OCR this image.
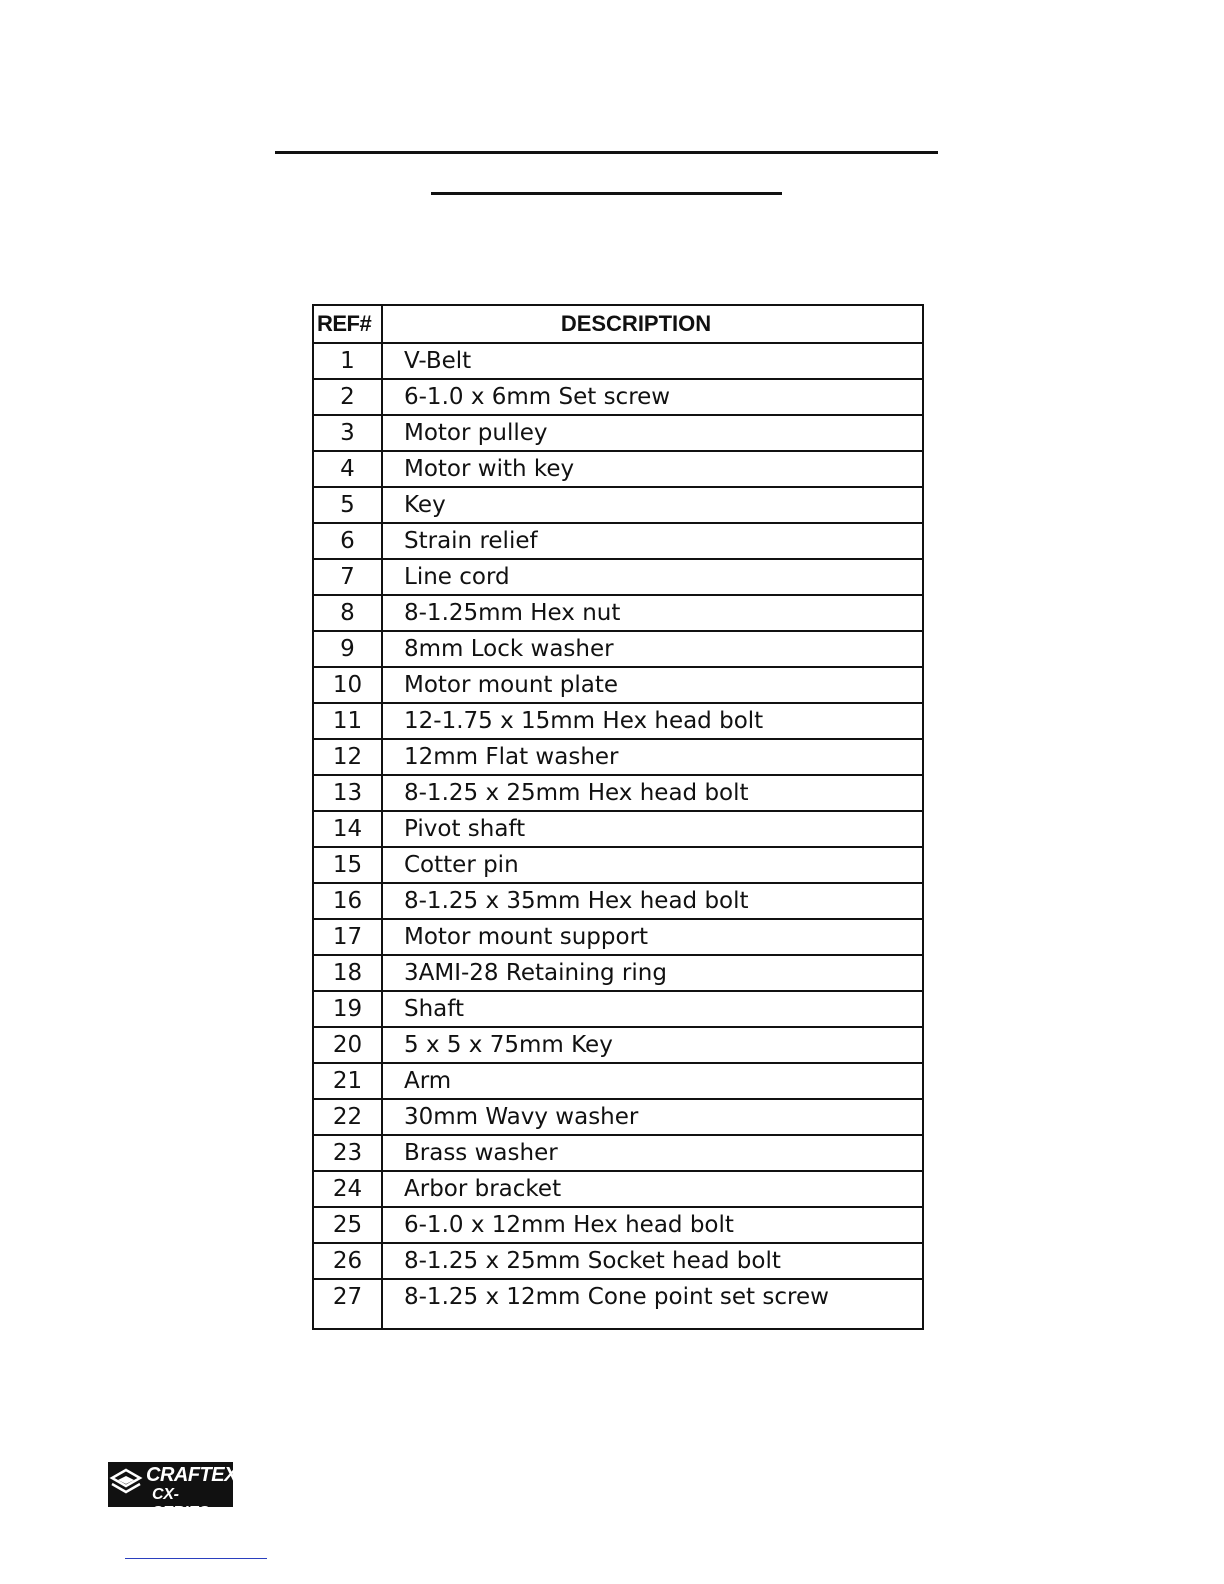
REF#	DESCRIPTION
1	V-Belt
2	6-1.0 x 6mm Set screw
3	Motor pulley
4	Motor with key
5	Key
6	Strain relief
7	Line cord
8	8-1.25mm Hex nut
9	8mm Lock washer
10	Motor mount plate
11	12-1.75 x 15mm Hex head bolt
12	12mm Flat washer
13	8-1.25 x 25mm Hex head bolt
14	Pivot shaft
15	Cotter pin
16	8-1.25 x 35mm Hex head bolt
17	Motor mount support
18	3AMI-28 Retaining ring
19	Shaft
20	5 x 5 x 75mm Key
21	Arm
22	30mm Wavy washer
23	Brass washer
24	Arbor bracket
25	6-1.0 x 12mm Hex head bolt
26	8-1.25 x 25mm Socket head bolt
27	8-1.25 x 12mm Cone point set screw
CRAFTEX
CX-SERIES
